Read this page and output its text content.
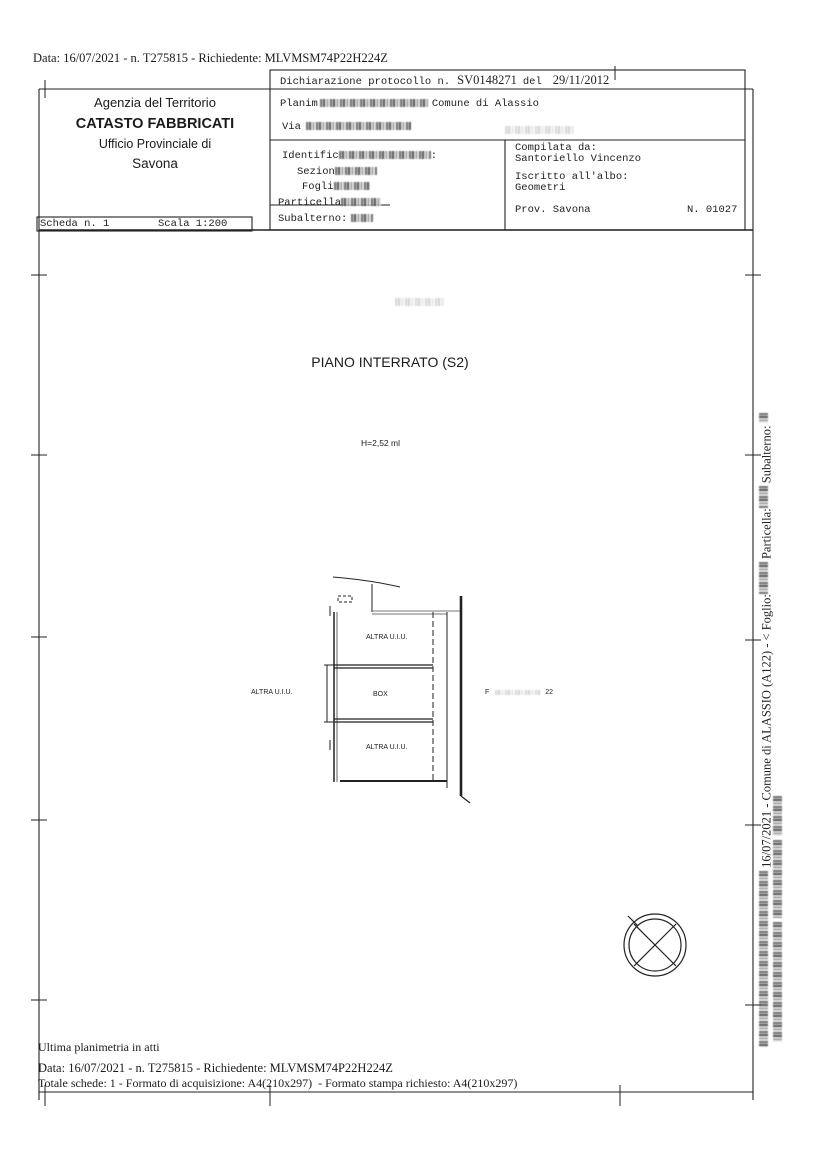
Data: 16/07/2021 - n. T275815 - Richiedente: MLVMSM74P22H224Z
Agenzia del Territorio
CATASTO FABBRICATI
Ufficio Provinciale di
Savona
Dichiarazione protocollo n. SV0148271 del 29/11/2012
Planim	Comune di Alassio
Via
Identific	:
Sezion
Fogli
Particella
Subalterno:
Compilata da:
Santoriello Vincenzo
Iscritto all'albo:
Geometri
Prov. Savona	N. 01027
Scheda n. 1	Scala 1:200
PIANO INTERRATO (S2)
H=2,52 ml
ALTRA U.I.U.
BOX
ALTRA U.I.U.
ALTRA U.I.U.	F	22
Ultima planimetria in atti
Data: 16/07/2021 - n. T275815 - Richiedente: MLVMSM74P22H224Z
Totale schede: 1 - Formato di acquisizione: A4(210x297)  - Formato stampa richiesto: A4(210x297)
16/07/2021 - Comune di ALASSIO (A122) - < Foglio: Particella: Subalterno:
